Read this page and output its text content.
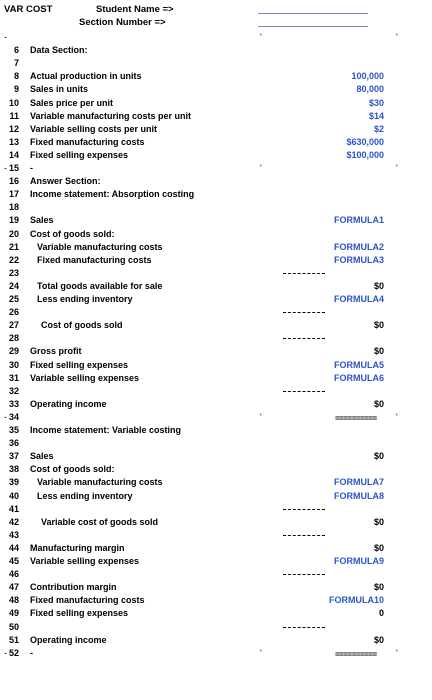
VAR COST	Student Name =>
Section Number =>
-	'	'
6 Data Section:
7
8 Actual production in units	100,000
9 Sales in units	80,000
10 Sales price per unit	$30
11 Variable manufacturing costs per unit	$14
12 Variable selling costs per unit	$2
13 Fixed manufacturing costs	$630,000
14 Fixed selling expenses	$100,000
15 -
-	'	'
16 Answer Section:
17 Income statement: Absorption costing
18
19 Sales	FORMULA1
20 Cost of goods sold:
21 Variable manufacturing costs	FORMULA2
22 Fixed manufacturing costs	FORMULA3
23
24 Total goods available for sale	$0
25 Less ending inventory	FORMULA4
26
27 Cost of goods sold	$0
28
29 Gross profit	$0
30 Fixed selling expenses	FORMULA5
31 Variable selling expenses	FORMULA6
32
33 Operating income	$0
34	==========
-	'	'
35 Income statement: Variable costing
36
37 Sales	$0
38 Cost of goods sold:
39 Variable manufacturing costs	FORMULA7
40 Less ending inventory	FORMULA8
41
42 Variable cost of goods sold	$0
43
44 Manufacturing margin	$0
45 Variable selling expenses	FORMULA9
46
47 Contribution margin	$0
48 Fixed manufacturing costs	FORMULA10
49 Fixed selling expenses	0
50
51 Operating income	$0
52 -	==========
-	'	'
